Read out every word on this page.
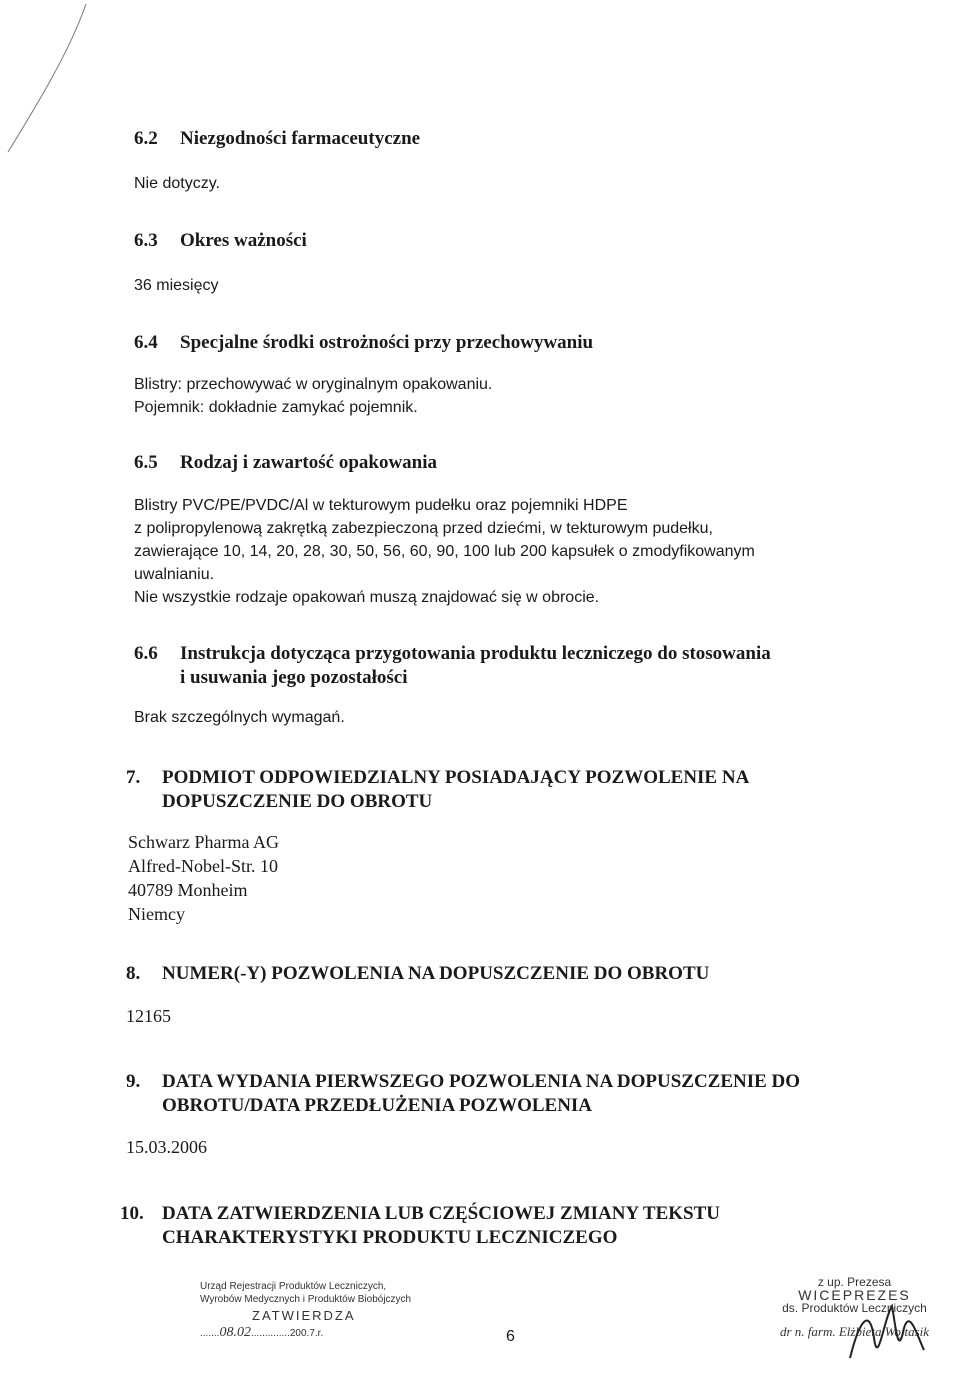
6.2 Niezgodności farmaceutyczne
Nie dotyczy.
6.3 Okres ważności
36 miesięcy
6.4 Specjalne środki ostrożności przy przechowywaniu
Blistry: przechowywać w oryginalnym opakowaniu.
Pojemnik: dokładnie zamykać pojemnik.
6.5 Rodzaj i zawartość opakowania
Blistry PVC/PE/PVDC/Al w tekturowym pudełku oraz pojemniki HDPE
z polipropylenową zakrętką zabezpieczoną przed dziećmi, w tekturowym pudełku,
zawierające 10, 14, 20, 28, 30, 50, 56, 60, 90, 100 lub 200 kapsułek o zmodyfikowanym
uwalnianiu.
Nie wszystkie rodzaje opakowań muszą znajdować się w obrocie.
6.6 Instrukcja dotycząca przygotowania produktu leczniczego do stosowania
i usuwania jego pozostałości
Brak szczególnych wymagań.
7. PODMIOT ODPOWIEDZIALNY POSIADAJĄCY POZWOLENIE NA
DOPUSZCZENIE DO OBROTU
Schwarz Pharma AG
Alfred-Nobel-Str. 10
40789 Monheim
Niemcy
8. NUMER(-Y) POZWOLENIA NA DOPUSZCZENIE DO OBROTU
12165
9. DATA WYDANIA PIERWSZEGO POZWOLENIA NA DOPUSZCZENIE DO
OBROTU/DATA PRZEDŁUŻENIA POZWOLENIA
15.03.2006
10. DATA ZATWIERDZENIA LUB CZĘŚCIOWEJ ZMIANY TEKSTU
CHARAKTERYSTYKI PRODUKTU LECZNICZEGO
Urząd Rejestracji Produktów Leczniczych,
Wyrobów Medycznych i Produktów Biobójczych
ZATWIERDZA
.......08.02..............200.7.r.	6
z up. Prezesa
WICEPREZES
ds. Produktów Leczniczych
dr n. farm. Elżbieta Wojtasik
